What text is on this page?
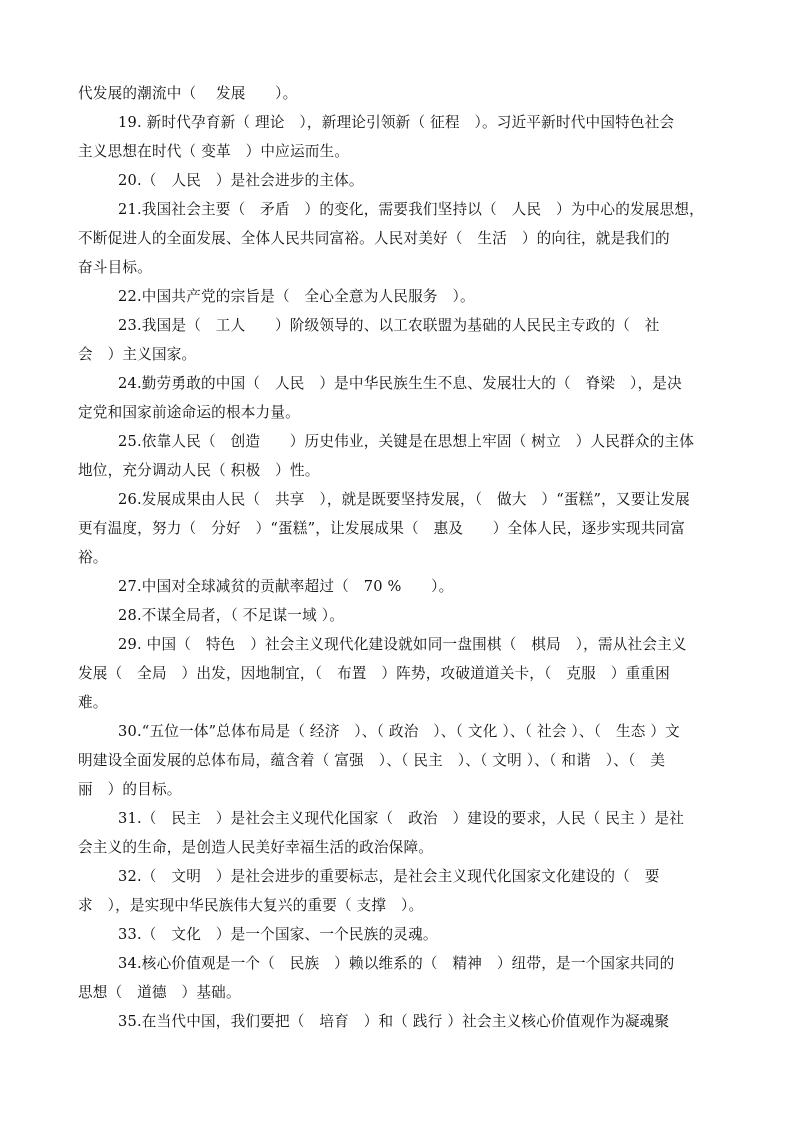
代发展的潮流中（　 发展　　）。
19. 新时代孕育新（ 理论　），新理论引领新（ 征程　）。习近平新时代中国特色社会
主义思想在时代（ 变革　）中应运而生。
20.（　人民　）是社会进步的主体。
21.我国社会主要（　矛盾　）的变化，需要我们坚持以（　人民　）为中心的发展思想，
不断促进人的全面发展、全体人民共同富裕。人民对美好（　生活　）的向往，就是我们的
奋斗目标。
22.中国共产党的宗旨是（　全心全意为人民服务　）。
23.我国是（　工人　　）阶级领导的、以工农联盟为基础的人民民主专政的（　社
会　）主义国家。
24.勤劳勇敢的中国（　人民　）是中华民族生生不息、发展壮大的（　脊梁　），是决
定党和国家前途命运的根本力量。
25.依靠人民（　创造　　）历史伟业，关键是在思想上牢固（ 树立　）人民群众的主体
地位，充分调动人民（ 积极　）性。
26.发展成果由人民（　共享　），就是既要坚持发展，（　做大　）“蛋糕”，又要让发展
更有温度，努力（　分好　）“蛋糕”，让发展成果（　惠及　　）全体人民，逐步实现共同富
裕。
27.中国对全球减贫的贡献率超过（　70 %　　）。
28.不谋全局者，（ 不足谋一域 ）。
29. 中国（　特色　）社会主义现代化建设就如同一盘围棋（　棋局　），需从社会主义
发展（　全局　）出发，因地制宜，（　布置　）阵势，攻破道道关卡，（　克服　）重重困
难。
30.“五位一体”总体布局是（ 经济　）、（ 政治　）、（ 文化 ）、（ 社会 ）、（　生态 ）文
明建设全面发展的总体布局，蕴含着（ 富强　）、（ 民主　）、（ 文明 ）、（ 和谐　）、（　美
丽　）的目标。
31.（　民主　）是社会主义现代化国家（　政治　）建设的要求，人民（ 民主 ）是社
会主义的生命，是创造人民美好幸福生活的政治保障。
32.（　文明　）是社会进步的重要标志，是社会主义现代化国家文化建设的（　要
求　），是实现中华民族伟大复兴的重要（ 支撑　）。
33.（　文化　）是一个国家、一个民族的灵魂。
34.核心价值观是一个（　民族　）赖以维系的（　精神　）纽带，是一个国家共同的
思想（　道德　）基础。
35.在当代中国，我们要把（　培育　）和（ 践行 ）社会主义核心价值观作为凝魂聚
